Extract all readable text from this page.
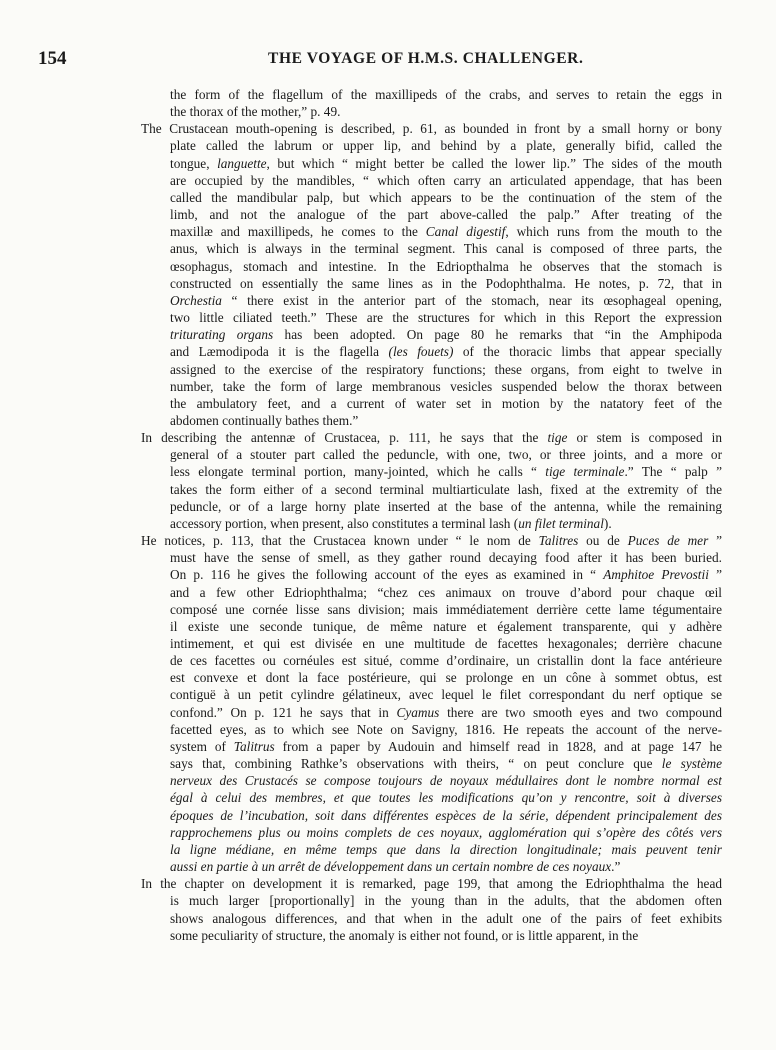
154	THE VOYAGE OF H.M.S. CHALLENGER.

the form of the flagellum of the maxillipeds of the crabs, and serves to retain the eggs in
the thorax of the mother,” p. 49.

The Crustacean mouth-opening is described, p. 61, as bounded in front by a small horny or bony
plate called the labrum or upper lip, and behind by a plate, generally bifid, called the
tongue, languette, but which “ might better be called the lower lip.” The sides of the mouth
are occupied by the mandibles, “ which often carry an articulated appendage, that has been
called the mandibular palp, but which appears to be the continuation of the stem of the
limb, and not the analogue of the part above-called the palp.” After treating of the
maxillæ and maxillipeds, he comes to the Canal digestif, which runs from the mouth to the
anus, which is always in the terminal segment. This canal is composed of three parts, the
œsophagus, stomach and intestine. In the Edriopthalma he observes that the stomach is
constructed on essentially the same lines as in the Podophthalma. He notes, p. 72, that in
Orchestia “ there exist in the anterior part of the stomach, near its œsophageal opening,
two little ciliated teeth.” These are the structures for which in this Report the expression
triturating organs has been adopted. On page 80 he remarks that “in the Amphipoda
and Læmodipoda it is the flagella (les fouets) of the thoracic limbs that appear specially
assigned to the exercise of the respiratory functions; these organs, from eight to twelve in
number, take the form of large membranous vesicles suspended below the thorax between
the ambulatory feet, and a current of water set in motion by the natatory feet of the
abdomen continually bathes them.”

In describing the antennæ of Crustacea, p. 111, he says that the tige or stem is composed in
general of a stouter part called the peduncle, with one, two, or three joints, and a more or
less elongate terminal portion, many-jointed, which he calls “ tige terminale.” The “ palp ”
takes the form either of a second terminal multiarticulate lash, fixed at the extremity of the
peduncle, or of a large horny plate inserted at the base of the antenna, while the remaining
accessory portion, when present, also constitutes a terminal lash (un filet terminal).

He notices, p. 113, that the Crustacea known under “ le nom de Talitres ou de Puces de mer ”
must have the sense of smell, as they gather round decaying food after it has been buried.
On p. 116 he gives the following account of the eyes as examined in “ Amphitoe Prevostii ”
and a few other Edriophthalma; “chez ces animaux on trouve d’abord pour chaque œil
composé une cornée lisse sans division; mais immédiatement derrière cette lame tégumentaire
il existe une seconde tunique, de même nature et également transparente, qui y adhère
intimement, et qui est divisée en une multitude de facettes hexagonales; derrière chacune
de ces facettes ou cornéules est situé, comme d’ordinaire, un cristallin dont la face antérieure
est convexe et dont la face postérieure, qui se prolonge en un cône à sommet obtus, est
contiguë à un petit cylindre gélatineux, avec lequel le filet correspondant du nerf optique se
confond.” On p. 121 he says that in Cyamus there are two smooth eyes and two compound
facetted eyes, as to which see Note on Savigny, 1816. He repeats the account of the nerve-
system of Talitrus from a paper by Audouin and himself read in 1828, and at page 147 he
says that, combining Rathke’s observations with theirs, “ on peut conclure que le système
nerveux des Crustacés se compose toujours de noyaux médullaires dont le nombre normal est
égal à celui des membres, et que toutes les modifications qu’on y rencontre, soit à diverses
époques de l’incubation, soit dans différentes espèces de la série, dépendent principalement des
rapprochemens plus ou moins complets de ces noyaux, agglomération qui s’opère des côtés vers
la ligne médiane, en même temps que dans la direction longitudinale; mais peuvent tenir
aussi en partie à un arrêt de développement dans un certain nombre de ces noyaux.”

In the chapter on development it is remarked, page 199, that among the Edriophthalma the head
is much larger [proportionally] in the young than in the adults, that the abdomen often
shows analogous differences, and that when in the adult one of the pairs of feet exhibits
some peculiarity of structure, the anomaly is either not found, or is little apparent, in the
